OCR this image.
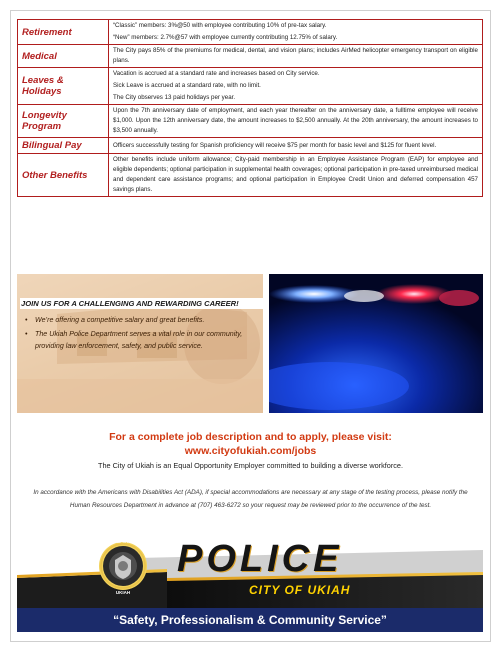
Retirement	“Classic” members: 3%@50 with employee contributing 10% of pre-tax salary.

“New” members: 2.7%@57 with employee currently contributing 12.75% of salary.

Medical	The City pays 85% of the premiums for medical, dental, and vision plans; includes AirMed helicopter emergency transport on eligible plans.

Leaves & Holidays	Vacation is accrued at a standard rate and increases based on City service.

Sick Leave is accrued at a standard rate, with no limit.

The City observes 13 paid holidays per year.

Longevity Program	Upon the 7th anniversary date of employment, and each year thereafter on the anniversary date, a fulltime employee will receive $1,000. Upon the 12th anniversary date, the amount increases to $2,500 annually. At the 20th anniversary, the amount increases to $3,500 annually.

Bilingual Pay	Officers successfully testing for Spanish proficiency will receive $75 per month for basic level and $125 for fluent level.

Other Benefits	Other benefits include uniform allowance; City-paid membership in an Employee Assistance Program (EAP) for employee and eligible dependents; optional participation in supplemental health coverages; optional participation in pre-taxed unreimbursed medical and dependent care assistance programs; and optional participation in Employee Credit Union and deferred compensation 457 savings plans.

JOIN US FOR A CHALLENGING AND REWARDING CAREER!
• We’re offering a competitive salary and great benefits.
• The Ukiah Police Department serves a vital role in our community, providing law enforcement, safety, and public service.
For a complete job description and to apply, please visit:
www.cityofukiah.com/jobs
The City of Ukiah is an Equal Opportunity Employer committed to building a diverse workforce.
In accordance with the Americans with Disabilities Act (ADA), if special accommodations are necessary at any stage of the testing process, please notify the Human Resources Department in advance at (707) 463-6272 so your request may be reviewed prior to the occurrence of the test.
POLICE OFFICER
UKIAH
POLICE
CITY OF UKIAH
“Safety, Professionalism & Community Service”
